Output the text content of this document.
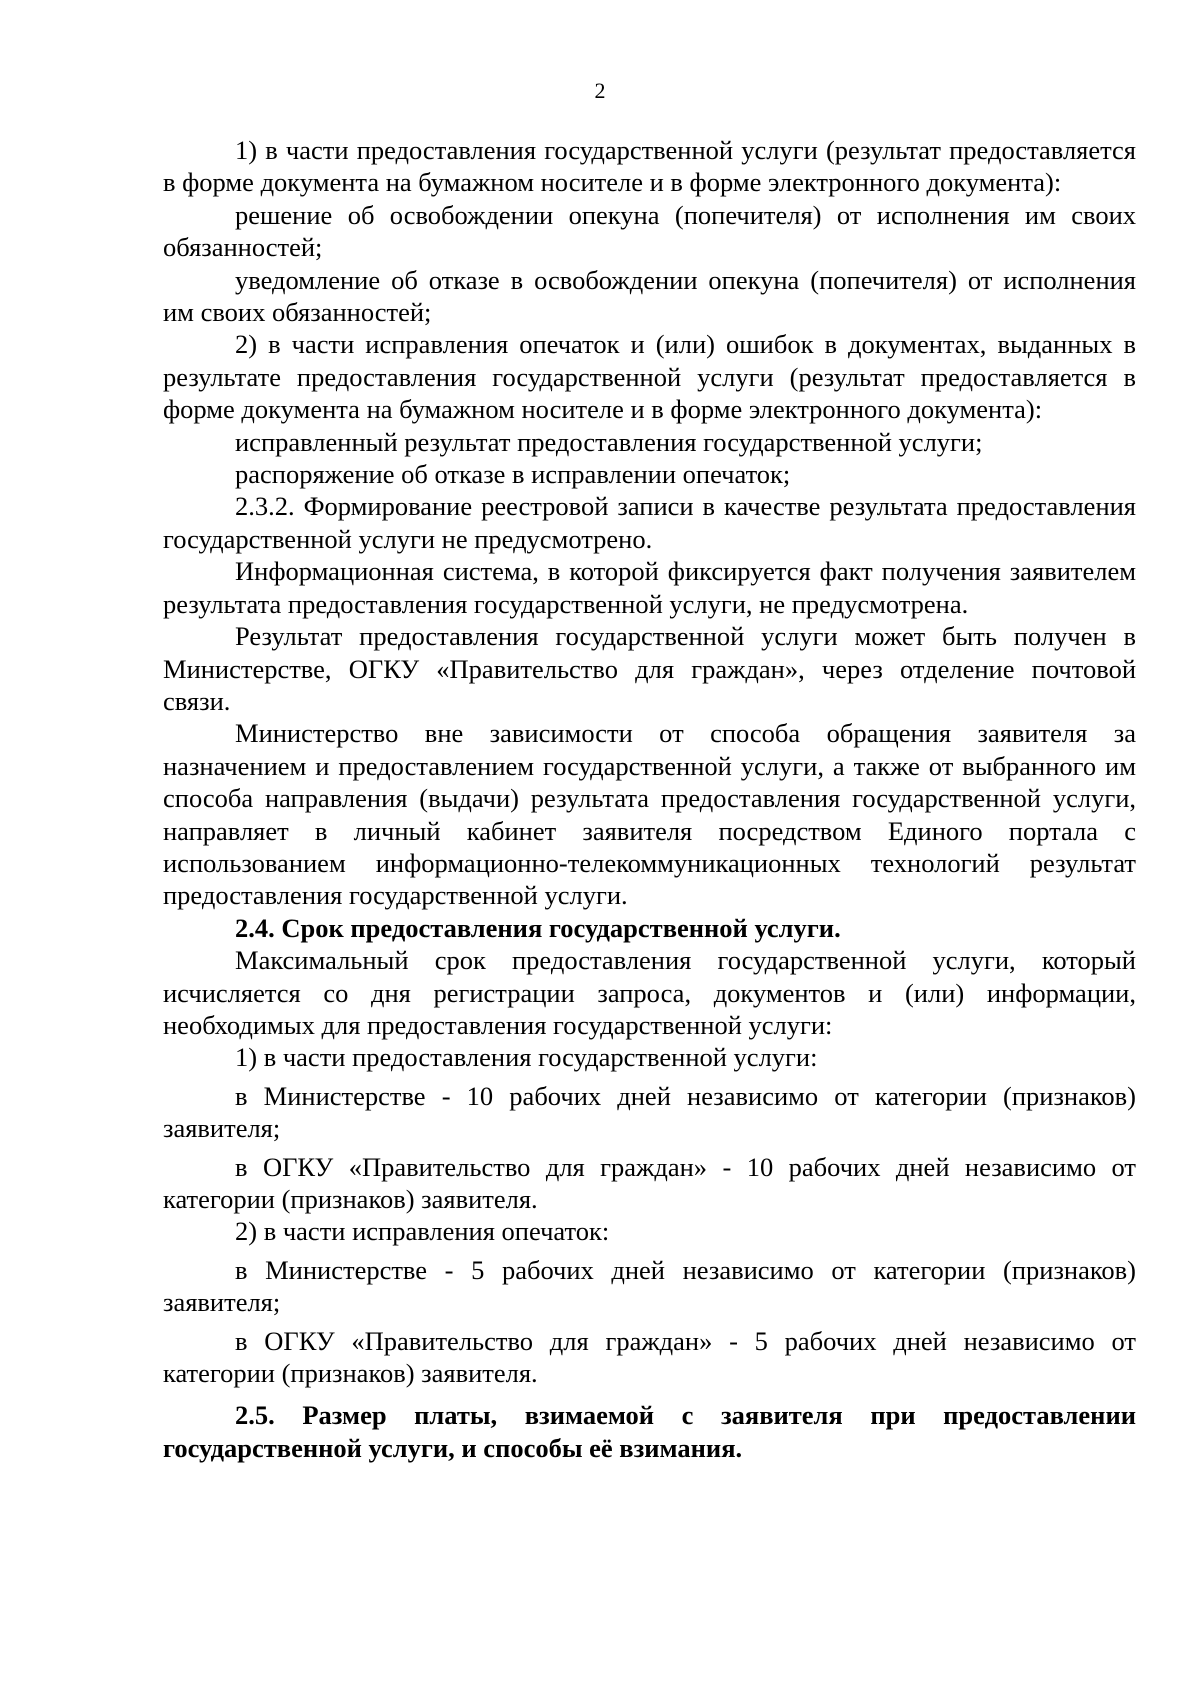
2

1) в части предоставления государственной услуги (результат предоставляется в форме документа на бумажном носителе и в форме электронного документа):

решение об освобождении опекуна (попечителя) от исполнения им своих обязанностей;

уведомление об отказе в освобождении опекуна (попечителя) от исполнения им своих обязанностей;

2) в части исправления опечаток и (или) ошибок в документах, выданных в результате предоставления государственной услуги (результат предоставляется в форме документа на бумажном носителе и в форме электронного документа):

исправленный результат предоставления государственной услуги;

распоряжение об отказе в исправлении опечаток;

2.3.2. Формирование реестровой записи в качестве результата предоставления государственной услуги не предусмотрено.

Информационная система, в которой фиксируется факт получения заявителем результата предоставления государственной услуги, не предусмотрена.

Результат предоставления государственной услуги может быть получен в Министерстве, ОГКУ «Правительство для граждан», через отделение почтовой связи.

Министерство вне зависимости от способа обращения заявителя за назначением и предоставлением государственной услуги, а также от выбранного им способа направления (выдачи) результата предоставления государственной услуги, направляет в личный кабинет заявителя посредством Единого портала с использованием информационно-телекоммуникационных технологий результат предоставления государственной услуги.

2.4. Срок предоставления государственной услуги.

Максимальный срок предоставления государственной услуги, который исчисляется со дня регистрации запроса, документов и (или) информации, необходимых для предоставления государственной услуги:

1) в части предоставления государственной услуги:

в Министерстве - 10 рабочих дней независимо от категории (признаков) заявителя;

в ОГКУ «Правительство для граждан» - 10 рабочих дней независимо от категории (признаков) заявителя.

2) в части исправления опечаток:

в Министерстве - 5 рабочих дней независимо от категории (признаков) заявителя;

в ОГКУ «Правительство для граждан» - 5 рабочих дней независимо от категории (признаков) заявителя.

2.5. Размер платы, взимаемой с заявителя при предоставлении государственной услуги, и способы её взимания.
